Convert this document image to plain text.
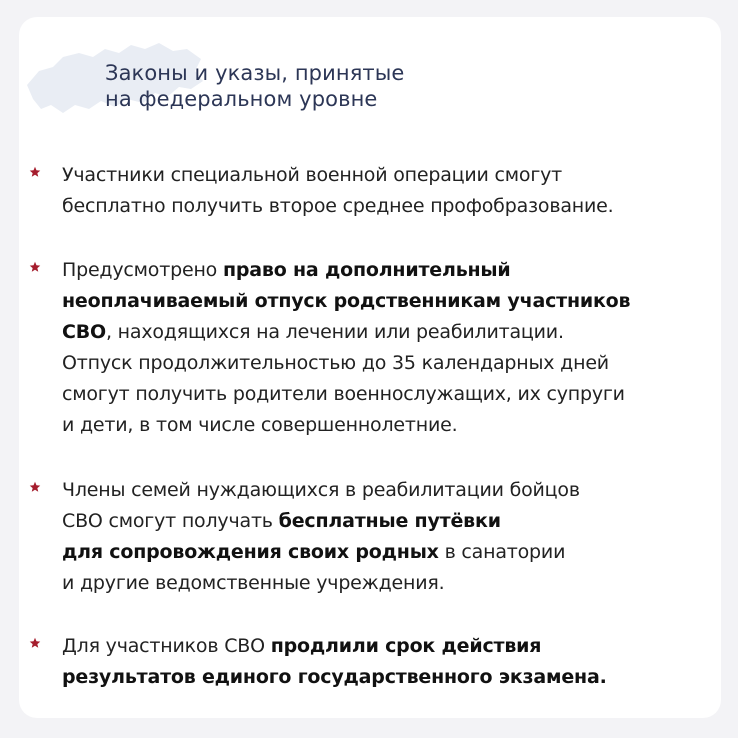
Законы и указы, принятые
на федеральном уровне

Участники специальной военной операции смогут
бесплатно получить второе среднее профобразование.

Предусмотрено право на дополнительный
неоплачиваемый отпуск родственникам участников
СВО, находящихся на лечении или реабилитации.
Отпуск продолжительностью до 35 календарных дней
смогут получить родители военнослужащих, их супруги
и дети, в том числе совершеннолетние.

Члены семей нуждающихся в реабилитации бойцов
СВО смогут получать бесплатные путёвки
для сопровождения своих родных в санатории
и другие ведомственные учреждения.

Для участников СВО продлили срок действия
результатов единого государственного экзамена.
